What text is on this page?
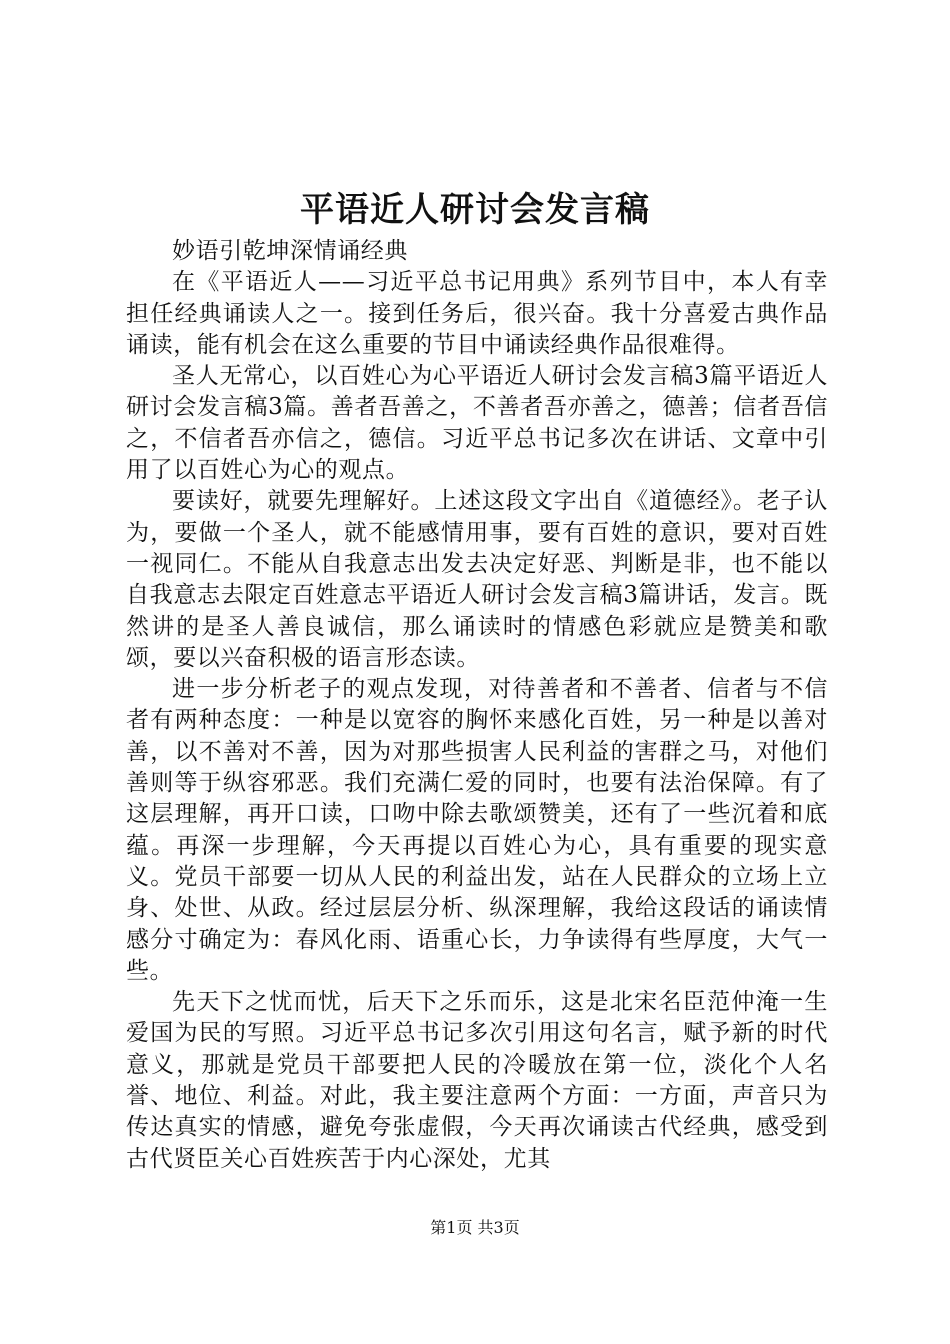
平语近人研讨会发言稿

妙语引乾坤深情诵经典

在《平语近人——习近平总书记用典》系列节目中，本人有幸担任经典诵读人之一。接到任务后，很兴奋。我十分喜爱古典作品诵读，能有机会在这么重要的节目中诵读经典作品很难得。

圣人无常心，以百姓心为心平语近人研讨会发言稿3篇平语近人研讨会发言稿3篇。善者吾善之，不善者吾亦善之，德善；信者吾信之，不信者吾亦信之，德信。习近平总书记多次在讲话、文章中引用了以百姓心为心的观点。

要读好，就要先理解好。上述这段文字出自《道德经》。老子认为，要做一个圣人，就不能感情用事，要有百姓的意识，要对百姓一视同仁。不能从自我意志出发去决定好恶、判断是非，也不能以自我意志去限定百姓意志平语近人研讨会发言稿3篇讲话，发言。既然讲的是圣人善良诚信，那么诵读时的情感色彩就应是赞美和歌颂，要以兴奋积极的语言形态读。

进一步分析老子的观点发现，对待善者和不善者、信者与不信者有两种态度：一种是以宽容的胸怀来感化百姓，另一种是以善对善，以不善对不善，因为对那些损害人民利益的害群之马，对他们善则等于纵容邪恶。我们充满仁爱的同时，也要有法治保障。有了这层理解，再开口读，口吻中除去歌颂赞美，还有了一些沉着和底蕴。再深一步理解，今天再提以百姓心为心，具有重要的现实意义。党员干部要一切从人民的利益出发，站在人民群众的立场上立身、处世、从政。经过层层分析、纵深理解，我给这段话的诵读情感分寸确定为：春风化雨、语重心长，力争读得有些厚度，大气一些。

先天下之忧而忧，后天下之乐而乐，这是北宋名臣范仲淹一生爱国为民的写照。习近平总书记多次引用这句名言，赋予新的时代意义，那就是党员干部要把人民的冷暖放在第一位，淡化个人名誉、地位、利益。对此，我主要注意两个方面：一方面，声音只为传达真实的情感，避免夸张虚假，今天再次诵读古代经典，感受到古代贤臣关心百姓疾苦于内心深处，尤其

第1页 共3页
